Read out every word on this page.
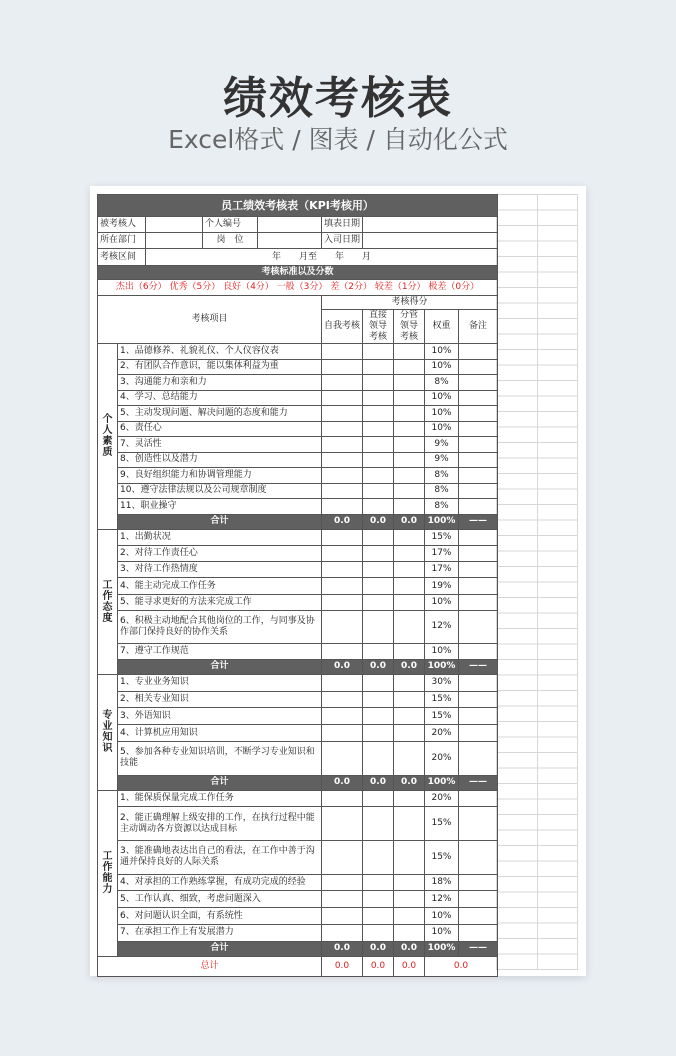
绩效考核表
Excel格式 / 图表 / 自动化公式
员工绩效考核表（KPI考核用）									
被考核人			个人编号		填表日期				
所在部门			岗　位		入司日期				
考核区间		年　　月至　　年　　月							
考核标准以及分数									
杰出（6分） 优秀（5分） 良好（4分） 一般（3分） 差（2分） 较差（1分） 极差（0分）									
考核项目					考核得分				
					自我考核	直接领导考核	分管领导考核	权重	备注
个人素质	1、品德修养、礼貌礼仪、个人仪容仪表							10%	
	2、有团队合作意识，能以集体利益为重							10%	
	3、沟通能力和亲和力							8%	
	4、学习、总结能力							10%	
	5、主动发现问题、解决问题的态度和能力							10%	
	6、责任心							10%	
	7、灵活性							9%	
	8、创造性以及潜力							9%	
	9、良好组织能力和协调管理能力							8%	
	10、遵守法律法规以及公司规章制度							8%	
	11、职业操守							8%	
	合计				0.0	0.0	0.0	100%	——
工作态度	1、出勤状况							15%	
	2、对待工作责任心							17%	
	3、对待工作热情度							17%	
	4、能主动完成工作任务							19%	
	5、能寻求更好的方法来完成工作							10%	
	6、积极主动地配合其他岗位的工作，与同事及协作部门保持良好的协作关系							12%	
	7、遵守工作规范							10%	
	合计				0.0	0.0	0.0	100%	——
专业知识	1、专业业务知识							30%	
	2、相关专业知识							15%	
	3、外语知识							15%	
	4、计算机应用知识							20%	
	5、参加各种专业知识培训，不断学习专业知识和技能							20%	
	合计				0.0	0.0	0.0	100%	——
工作能力	1、能保质保量完成工作任务							20%	
	2、能正确理解上级安排的工作，在执行过程中能主动调动各方资源以达成目标							15%	
	3、能准确地表达出自己的看法，在工作中善于沟通并保持良好的人际关系							15%	
	4、对承担的工作熟练掌握，有成功完成的经验							18%	
	5、工作认真、细致，考虑问题深入							12%	
	6、对问题认识全面，有系统性							10%	
	7、在承担工作上有发展潜力							10%	
	合计				0.0	0.0	0.0	100%	——
总计					0.0	0.0	0.0	0.0	
